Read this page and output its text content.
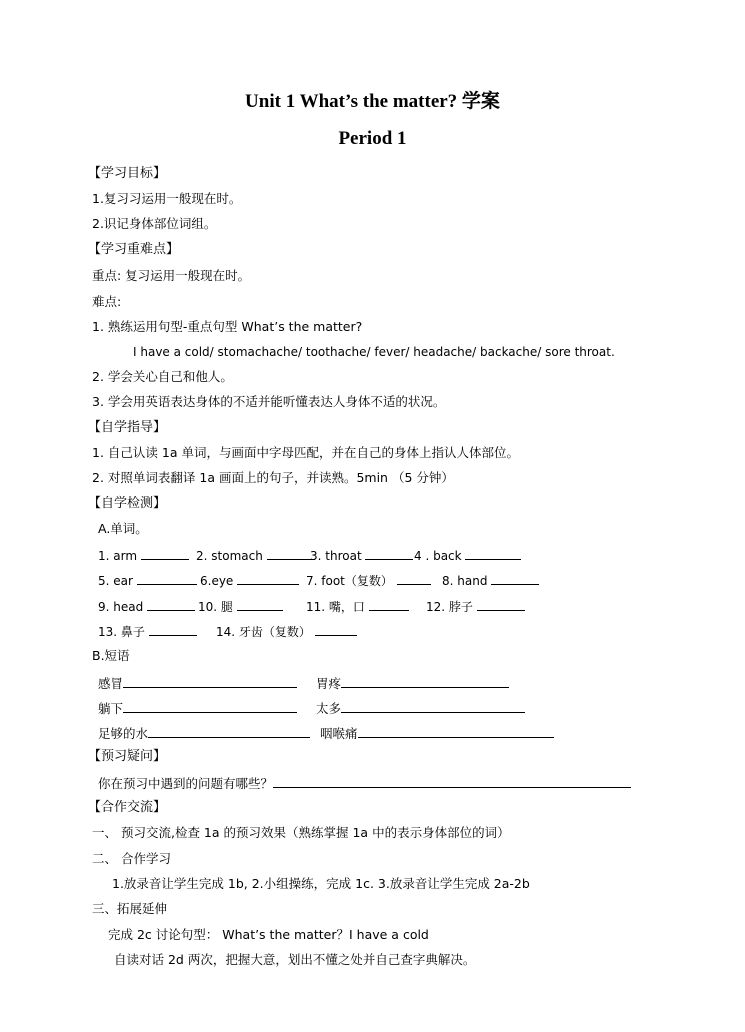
Unit 1 What’s the matter? 学案
Period 1
【学习目标】
1.复习习运用一般现在时。
2.识记身体部位词组。
【学习重难点】
重点: 复习运用一般现在时。
难点:
1. 熟练运用句型-重点句型 What’s the matter?
I have a cold/ stomachache/ toothache/ fever/ headache/ backache/ sore throat.
2. 学会关心自己和他人。
3. 学会用英语表达身体的不适并能听懂表达人身体不适的状况。
【自学指导】
1. 自己认读 1a 单词，与画面中字母匹配，并在自己的身体上指认人体部位。
2. 对照单词表翻译 1a 画面上的句子，并读熟。5min （5 分钟）
【自学检测】
A.单词。
1. arm	2. stomach	3. throat	4 . back
5. ear	6.eye	7. foot（复数）	8. hand
9. head	10. 腿	11. 嘴，口	12. 脖子
13. 鼻子	14. 牙齿（复数）
B.短语
感冒	胃疼
躺下	太多
足够的水	咽喉痛
【预习疑问】
你在预习中遇到的问题有哪些？
【合作交流】
一、 预习交流,检查 1a 的预习效果（熟练掌握 1a 中的表示身体部位的词）
二、 合作学习
1.放录音让学生完成 1b, 2.小组操练，完成 1c. 3.放录音让学生完成 2a-2b
三、拓展延伸
完成 2c 讨论句型： What’s the matter？I have a cold
自读对话 2d 两次，把握大意，划出不懂之处并自己查字典解决。
